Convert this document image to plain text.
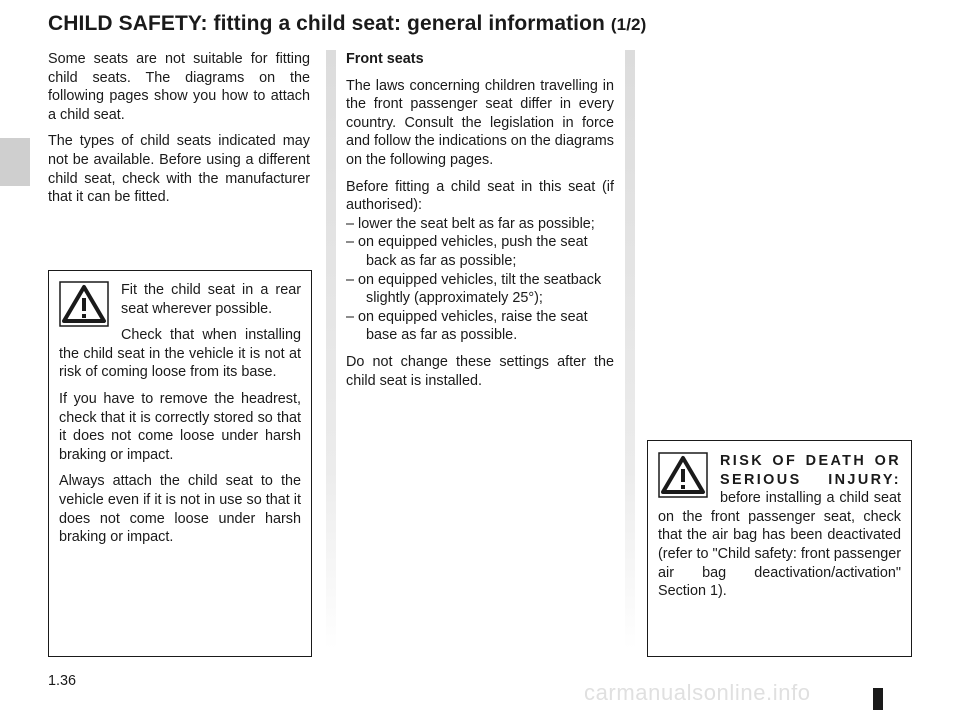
CHILD SAFETY: fitting a child seat: general information (1/2)

Some seats are not suitable for fitting child seats. The diagrams on the following pages show you how to attach a child seat.

The types of child seats indicated may not be available. Before using a different child seat, check with the manufacturer that it can be fitted.

Fit the child seat in a rear seat wherever possible.

Check that when installing the child seat in the vehicle it is not at risk of coming loose from its base.

If you have to remove the headrest, check that it is correctly stored so that it does not come loose under harsh braking or impact.

Always attach the child seat to the vehicle even if it is not in use so that it does not come loose under harsh braking or impact.

Front seats

The laws concerning children travelling in the front passenger seat differ in every country. Consult the legislation in force and follow the indications on the diagrams on the following pages.

Before fitting a child seat in this seat (if authorised):

– lower the seat belt as far as possible;
– on equipped vehicles, push the seat back as far as possible;
– on equipped vehicles, tilt the seatback slightly (approximately 25°);
– on equipped vehicles, raise the seat base as far as possible.

Do not change these settings after the child seat is installed.

RISK OF DEATH OR SERIOUS INJURY: before installing a child seat on the front passenger seat, check that the air bag has been deactivated (refer to "Child safety: front passenger air bag deactivation/activation" Section 1).

1.36	carmanualsonline.info
